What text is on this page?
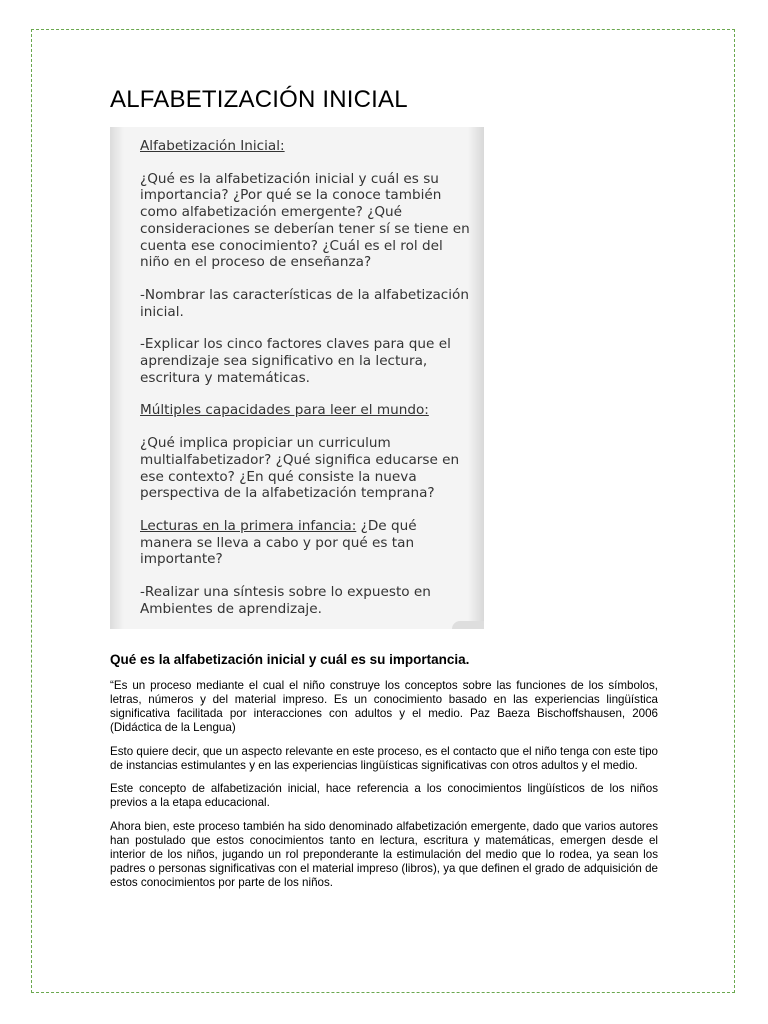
ALFABETIZACIÓN INICIAL

Alfabetización Inicial:

¿Qué es la alfabetización inicial y cuál es su importancia? ¿Por qué se la conoce también como alfabetización emergente? ¿Qué consideraciones se deberían tener sí se tiene en cuenta ese conocimiento? ¿Cuál es el rol del niño en el proceso de enseñanza?

-Nombrar las características de la alfabetización inicial.

-Explicar los cinco factores claves para que el aprendizaje sea significativo en la lectura, escritura y matemáticas.

Múltiples capacidades para leer el mundo:

¿Qué implica propiciar un curriculum multialfabetizador? ¿Qué significa educarse en ese contexto? ¿En qué consiste la nueva perspectiva de la alfabetización temprana?

Lecturas en la primera infancia: ¿De qué manera se lleva a cabo y por qué es tan importante?

-Realizar una síntesis sobre lo expuesto en Ambientes de aprendizaje.

Qué es la alfabetización inicial y cuál es su importancia.

“Es un proceso mediante el cual el niño construye los conceptos sobre las funciones de los símbolos, letras, números y del material impreso. Es un conocimiento basado en las experiencias lingüística significativa facilitada por interacciones con adultos y el medio. Paz Baeza Bischoffshausen, 2006 (Didáctica de la Lengua)

Esto quiere decir, que un aspecto relevante en este proceso, es el contacto que el niño tenga con este tipo de instancias estimulantes y en las experiencias lingüísticas significativas con otros adultos y el medio.

Este concepto de alfabetización inicial, hace referencia a los conocimientos lingüísticos de los niños previos a la etapa educacional.

Ahora bien, este proceso también ha sido denominado alfabetización emergente, dado que varios autores han postulado que estos conocimientos tanto en lectura, escritura y matemáticas, emergen desde el interior de los niños, jugando un rol preponderante la estimulación del medio que lo rodea, ya sean los padres o personas significativas con el material impreso (libros), ya que definen el grado de adquisición de estos conocimientos por parte de los niños.
